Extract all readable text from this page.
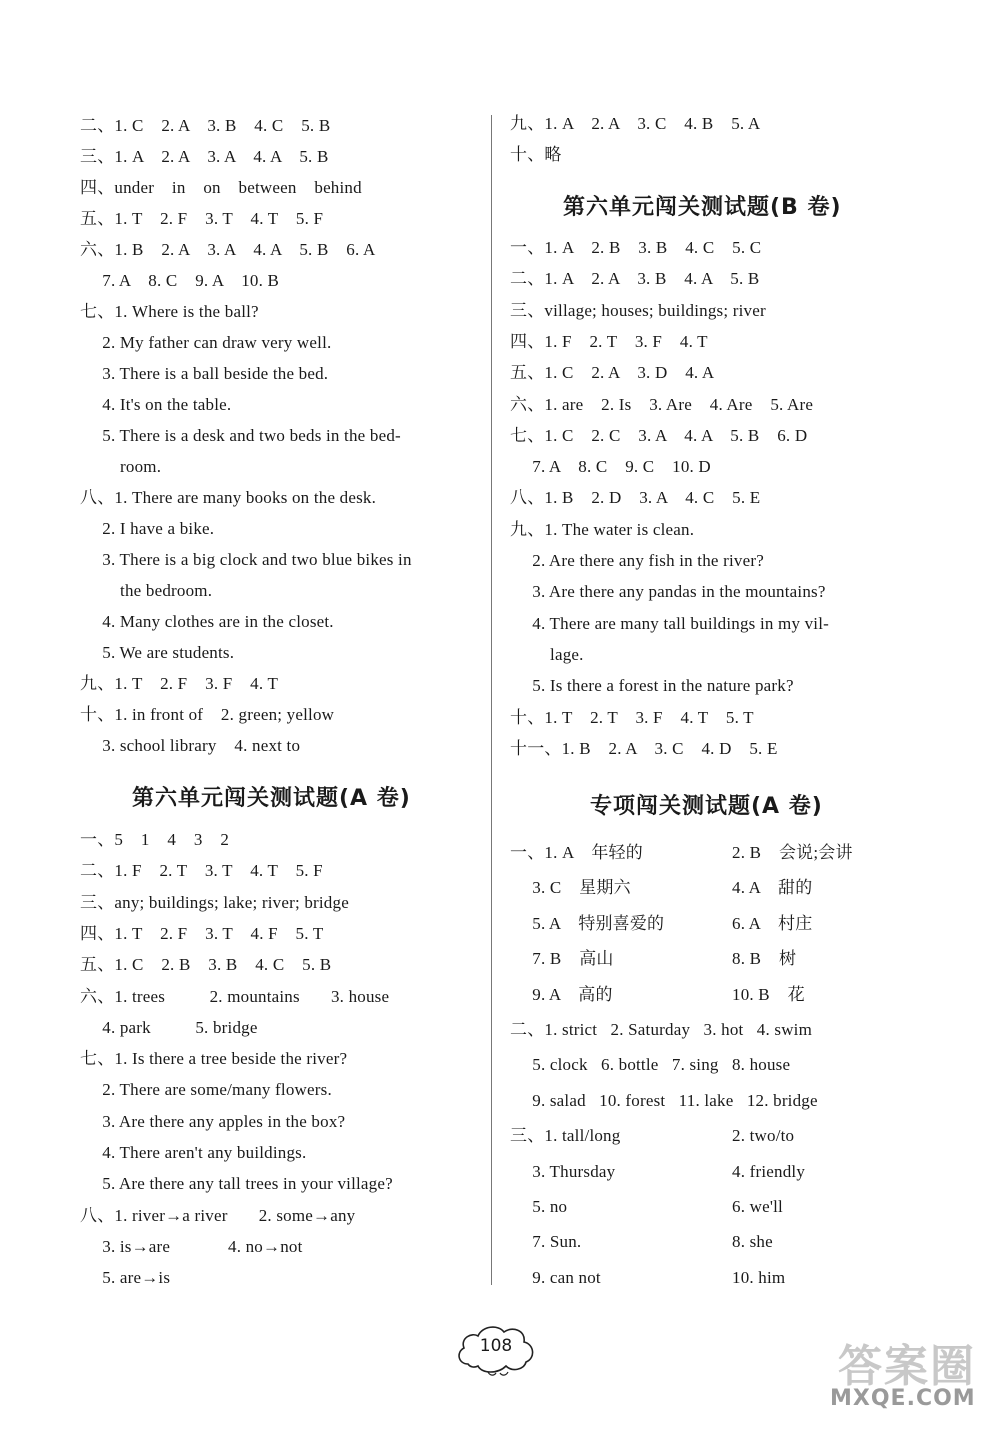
二、1. C    2. A    3. B    4. C    5. B
三、1. A    2. A    3. A    4. A    5. B
四、under    in    on    between    behind
五、1. T    2. F    3. T    4. T    5. F
六、1. B    2. A    3. A    4. A    5. B    6. A
7. A    8. C    9. A    10. B
七、1. Where is the ball?
2. My father can draw very well.
3. There is a ball beside the bed.
4. It's on the table.
5. There is a desk and two beds in the bed-
room.
八、1. There are many books on the desk.
2. I have a bike.
3. There is a big clock and two blue bikes in
the bedroom.
4. Many clothes are in the closet.
5. We are students.
九、1. T    2. F    3. F    4. T
十、1. in front of    2. green; yellow
3. school library    4. next to
第六单元闯关测试题(A 卷)
一、5    1    4    3    2
二、1. F    2. T    3. T    4. T    5. F
三、any; buildings; lake; river; bridge
四、1. T    2. F    3. T    4. F    5. T
五、1. C    2. B    3. B    4. C    5. B
六、1. trees          2. mountains       3. house
4. park          5. bridge
七、1. Is there a tree beside the river?
2. There are some/many flowers.
3. Are there any apples in the box?
4. There aren't any buildings.
5. Are there any tall trees in your village?
八、1. river→a river       2. some→any
3. is→are             4. no→not
5. are→is
九、1. A    2. A    3. C    4. B    5. A
十、略
第六单元闯关测试题(B 卷)
一、1. A    2. B    3. B    4. C    5. C
二、1. A    2. A    3. B    4. A    5. B
三、village; houses; buildings; river
四、1. F    2. T    3. F    4. T
五、1. C    2. A    3. D    4. A
六、1. are    2. Is    3. Are    4. Are    5. Are
七、1. C    2. C    3. A    4. A    5. B    6. D
7. A    8. C    9. C    10. D
八、1. B    2. D    3. A    4. C    5. E
九、1. The water is clean.
2. Are there any fish in the river?
3. Are there any pandas in the mountains?
4. There are many tall buildings in my vil-
lage.
5. Is there a forest in the nature park?
十、1. T    2. T    3. F    4. T    5. T
十一、1. B    2. A    3. C    4. D    5. E
专项闯关测试题(A 卷)
一、1. A    年轻的
3. C    星期六
5. A    特别喜爱的
7. B    高山
9. A    高的
二、1. strict   2. Saturday   3. hot   4. swim
5. clock   6. bottle   7. sing   8. house
9. salad   10. forest   11. lake   12. bridge
三、1. tall/long
3. Thursday
5. no
7. Sun.
9. can not
2. B    会说;会讲
4. A    甜的
6. A    村庄
8. B    树
10. B    花
2. two/to
4. friendly
6. we'll
8. she
10. him
108	答案圈
MXQE.COM
